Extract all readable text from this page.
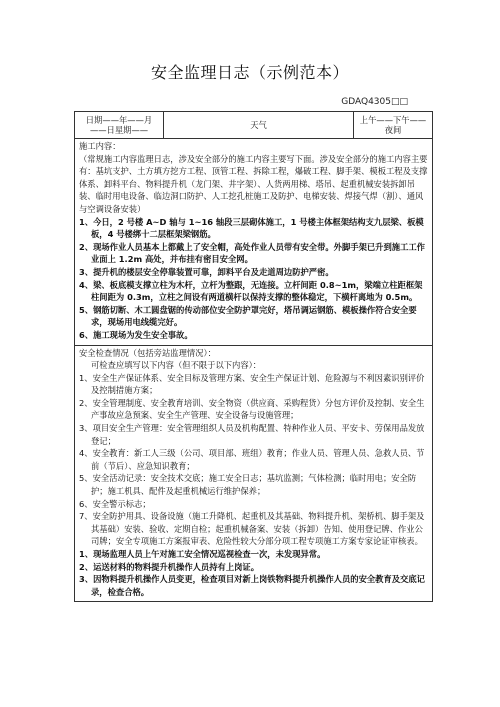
安全监理日志（示例范本）
GDAQ4305□□
日期——年——月——日星期——
天气
上午——下午——夜间

施工内容：

（常规施工内容监理日志，涉及安全部分的施工内容主要写下面。涉及安全部分的施工内容主要有：基坑支护、土方填方挖方工程、顶管工程、拆除工程，爆破工程、脚手架、模板工程及支撑体系、卸料平台、物料提升机（龙门架、井字架）、人货两用梯、塔吊、起重机械安装拆卸吊装、临时用电设备、临边洞口防护、人工挖孔桩施工及防护、电梯安装、焊接气焊（割）、通风与空调设备安装）

1、今日，2 号楼 A~D 轴与 1~16 轴段三层砌体施工，1 号楼主体框架结构支九层梁、板模板，4 号楼绑十二层框架梁钢筋。

2、现场作业人员基本上都戴上了安全帽，高处作业人员带有安全带。外脚手架已升到施工工作业面上 1.2m 高处，并布挂有密目安全网。

3、提升机的楼层安全停靠装置可靠，卸料平台及走道周边防护严密。

4、梁、板底模支撑立柱为木杆，立杆为整跟，无连接。立杆间距 0.8~1m，梁端立柱距框架柱间距为 0.3m，立柱之间设有两道横杆以保持支撑的整体稳定，下横杆离地为 0.5m。

5、钢筋切断、木工圆盘锯的传动部位安全防护罩完好，塔吊调运钢筋、模板操作符合安全要求，现场用电线缆完好。

6、施工现场为发生安全事故。

安全检查情况（包括旁站监理情况）：

可检查应填写以下内容（但不限于以下内容）：

1、安全生产保证体系、安全目标及管理方案、安全生产保证计划、危险源与不利因素识别评价及控制措施方案；

2、安全管理制度、安全教育培训、安全物资（供应商、采购程货）分包方评价及控制、安全生产事故应急预案、安全生产管理、安全设备与设施管理；

3、项目安全生产管理：安全管理组织人员及机构配置、特种作业人员、平安卡、劳保用品发放登记；

4、安全教育：新工人三级（公司、项目部、班组）教育；作业人员、管理人员、急救人员、节前（节后）、应急知识教育；

5、安全活动记录：安全技术交底；施工安全日志；基坑监测；气体检测；临时用电；安全防护；施工机具、配件及起重机械运行维护保养；

6、安全警示标志；

7、安全防护用具、设备设施（施工升降机、起重机及其基础、物料提升机、架桥机、脚手架及其基础）安装、验收、定期自检；起重机械备案、安装（拆卸）告知、使用登记牌、作业公司牌；安全专项施工方案报审表、危险性较大分部分项工程专项施工方案专家论证审核表。

1、现场监理人员上午对施工安全情况巡视检查一次，未发现异常。

2、运送材料的物料提升机操作人员持有上岗证。

3、因物料提升机操作人员变更，检查项目对新上岗铁物料提升机操作人员的安全教育及交底记录，检查合格。
